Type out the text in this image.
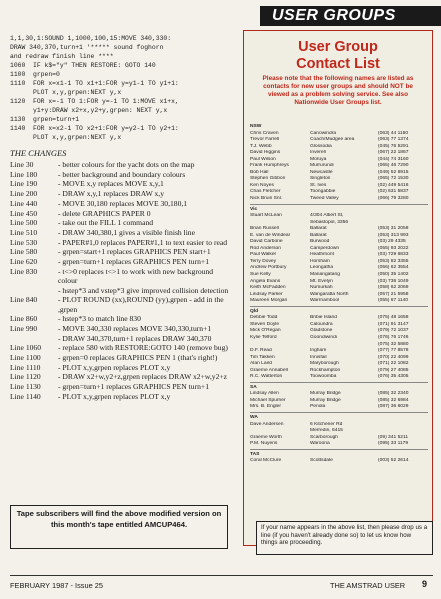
USER GROUPS
1,1,30,1:SOUND 1,1000,100,15:MOVE 340,330:
DRAW 340,370,turn+1 '***** sound foghorn
and redraw finish line ****
1060  IF k$="y" THEN RESTORE: GOTO 140
1100  grpen=0
1110  FOR x=x1-1 TO x1+1:FOR y=y1-1 TO y1+1:
PLOT x,y,grpen:NEXT y,x
1120  FOR x=-1 TO 1:FOR y=-1 TO 1:MOVE x1+x,
y1+y:DRAW x2+x,y2+y,grpen: NEXT y,x
1130  grpen=turn+1
1140  FOR x=x2-1 TO x2+1:FOR y=y2-1 TO y2+1:
PLOT x,y,grpen:NEXT y,x
THE CHANGES
Line 30	- better colours for the yacht dots on the map
Line 180	- better background and boundary colours
Line 190	- MOVE x,y replaces MOVE x,y,1
Line 200	- DRAW x,y,1 replaces DRAW x,y
Line 440	- MOVE 30,180 replaces MOVE 30,180,1
Line 450	- delete GRAPHICS PAPER 0
Line 500	- take out the FILL 1 command
Line 510	- DRAW 340,380,1 gives a visible finish line
Line 530	- PAPER#1,0 replaces PAPER#1,1 to text easier to read
Line 580	- grpen=start+1 replaces GRAPHICS PEN start+1
Line 620	- grpen=turn+1 replaces GRAPHICS PEN turn+1
Line 830	- t<>0 replaces t<>1 to work with new background colour
- hstep*3 and vstep*3 give improved collision detection
Line 840	- PLOT ROUND (xx),ROUND (yy),grpen - add in the ,grpen
Line 860	- hstep*3 to match line 830
Line 990	- MOVE 340,330 replaces MOVE 340,330,turn+1
- DRAW 340,370,turn+1 replaces DRAW 340,370
Line 1060	- replace 580 with RESTORE:GOTO 140 (remove bug)
Line 1100	- grpen=0 replaces GRAPHICS PEN 1 (that's right!)
Line 1110	- PLOT x,y,grpen replaces PLOT x,y
Line 1120	- DRAW x2+w,y2+z,grpen replaces DRAW x2+w,y2+z
Line 1130	- grpen=turn+1 replaces GRAPHICS PEN turn+1
Line 1140	- PLOT x,y,grpen replaces PLOT x,y
Tape subscribers will find the above modified version on this month's tape entitled AMCUP464.
User Group
Contact List
Please note that the following names are listed as contacts for new user groups and should NOT be viewed as a problem solving service. See also Nationwide User Groups list.
NSW
Chris Craven	Canowindra	(063) 44 1150
Trevor Farrell	Coach/Mudgee area	(063) 77 1374
T.J. Webb	Glossodia	(045) 76 5291
David Higgins	Inverell	(067) 22 1867
Paul Wilson	Moruya	(044) 74 3160
Frank Humphreys	Murrurundi	(065) 46 7290
Bob Hall	Newcastle	(049) 52 6915
Stephen Gibbon	Singleton	(065) 72 1530
Ken Noyes	St. Ives	(02) 449 5416
Chas Fletcher	Toongabbie	(02) 631 5837
Nick Bruin Snr.	Tweed Valley	(066) 79 3280
Vic
Stuart McLean	4/304 Albert St,
Sebastopol, 3356
Brian Russell	Ballarat	(053) 31 2058
E. van de Windeal	Ballarat	(053) 313 993
David Carbone	Burwood	(03) 29 4335
Rod Anderson	Camperdown	(055) 93 2022
Paul Walker	Heathmont	(03) 729 6833
Terry Dovey	Horsham	(053) 82 3355
Andrew Portbury	Leongatha	(056) 62 3554
Sue Kelly	Manangatang	(050) 35 1402
Angela Evans	Mt. Evelyn	(03) 736 1049
Keith McFadden	Numurkah	(058) 62 2069
Lindsay Parker	Wangaratta North	(057) 21 5958
Maureen Morgan	Warrnambool	(055) 67 1140
Qld
Debbie Todd	Bribie Island	(075) 48 1658
Steven Doyle	Caloundra	(071) 91 3147
Mick O'Regan	Gladstone	(079) 72 1037
Kylie Telford	Goondiwindi	(076) 76 1746
(075) 32 5880
D.F. Read	Ingham	(077) 77 8578
Tim Takken	Innisfail	(070) 22 4099
Alan Laird	Maryborough	(071) 22 1082
Graeme Annabell	Rockhampton	(079) 27 4085
R.C. Watterton	Toowoomba	(076) 35 4305
SA
Lindsay Allen	Murray Bridge	(085) 32 2340
Michael Spurrier	Murray Bridge	(085) 32 6984
Mrs. B. Engler	Penola	(087) 36 6029
WA
Dave Andersen	6 Kitchener Rd
Merredin, 6415
Graeme Worth	Scarborough	(09) 341 5211
P.M. Nuyens	Waroona	(095) 33 1179
TAS
Coral McClure	Scottsdale	(003) 52 2614
If your name appears in the above list, then please drop us a line (if you haven't already done so) to let us know how things are proceeding.
FEBRUARY 1987 - Issue 25	THE AMSTRAD USER 9
